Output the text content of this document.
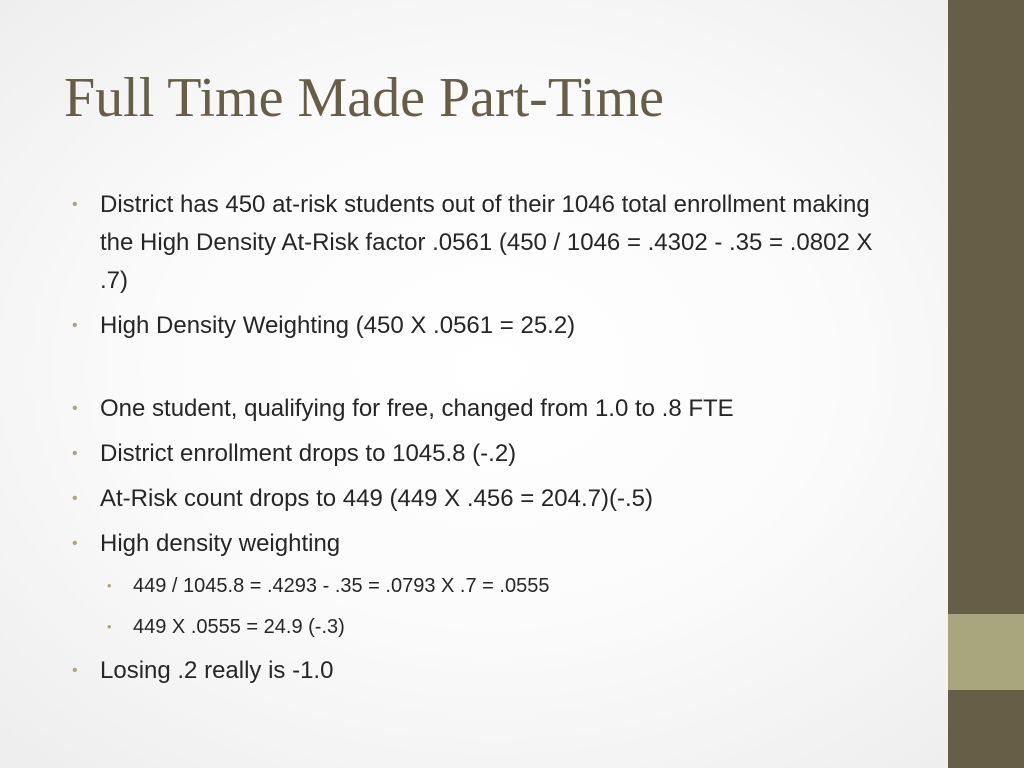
Full Time Made Part-Time
• District has 450 at-risk students out of their 1046 total enrollment making the High Density At-Risk factor .0561 (450 / 1046 = .4302 - .35 = .0802 X .7)
• High Density Weighting (450 X .0561 = 25.2)
• One student, qualifying for free, changed from 1.0 to .8 FTE
• District enrollment drops to 1045.8 (-.2)
• At-Risk count drops to 449 (449 X .456 = 204.7)(-.5)
• High density weighting
• 449 / 1045.8 = .4293 - .35 = .0793 X .7 = .0555
• 449 X .0555 = 24.9 (-.3)
• Losing .2 really is -1.0
